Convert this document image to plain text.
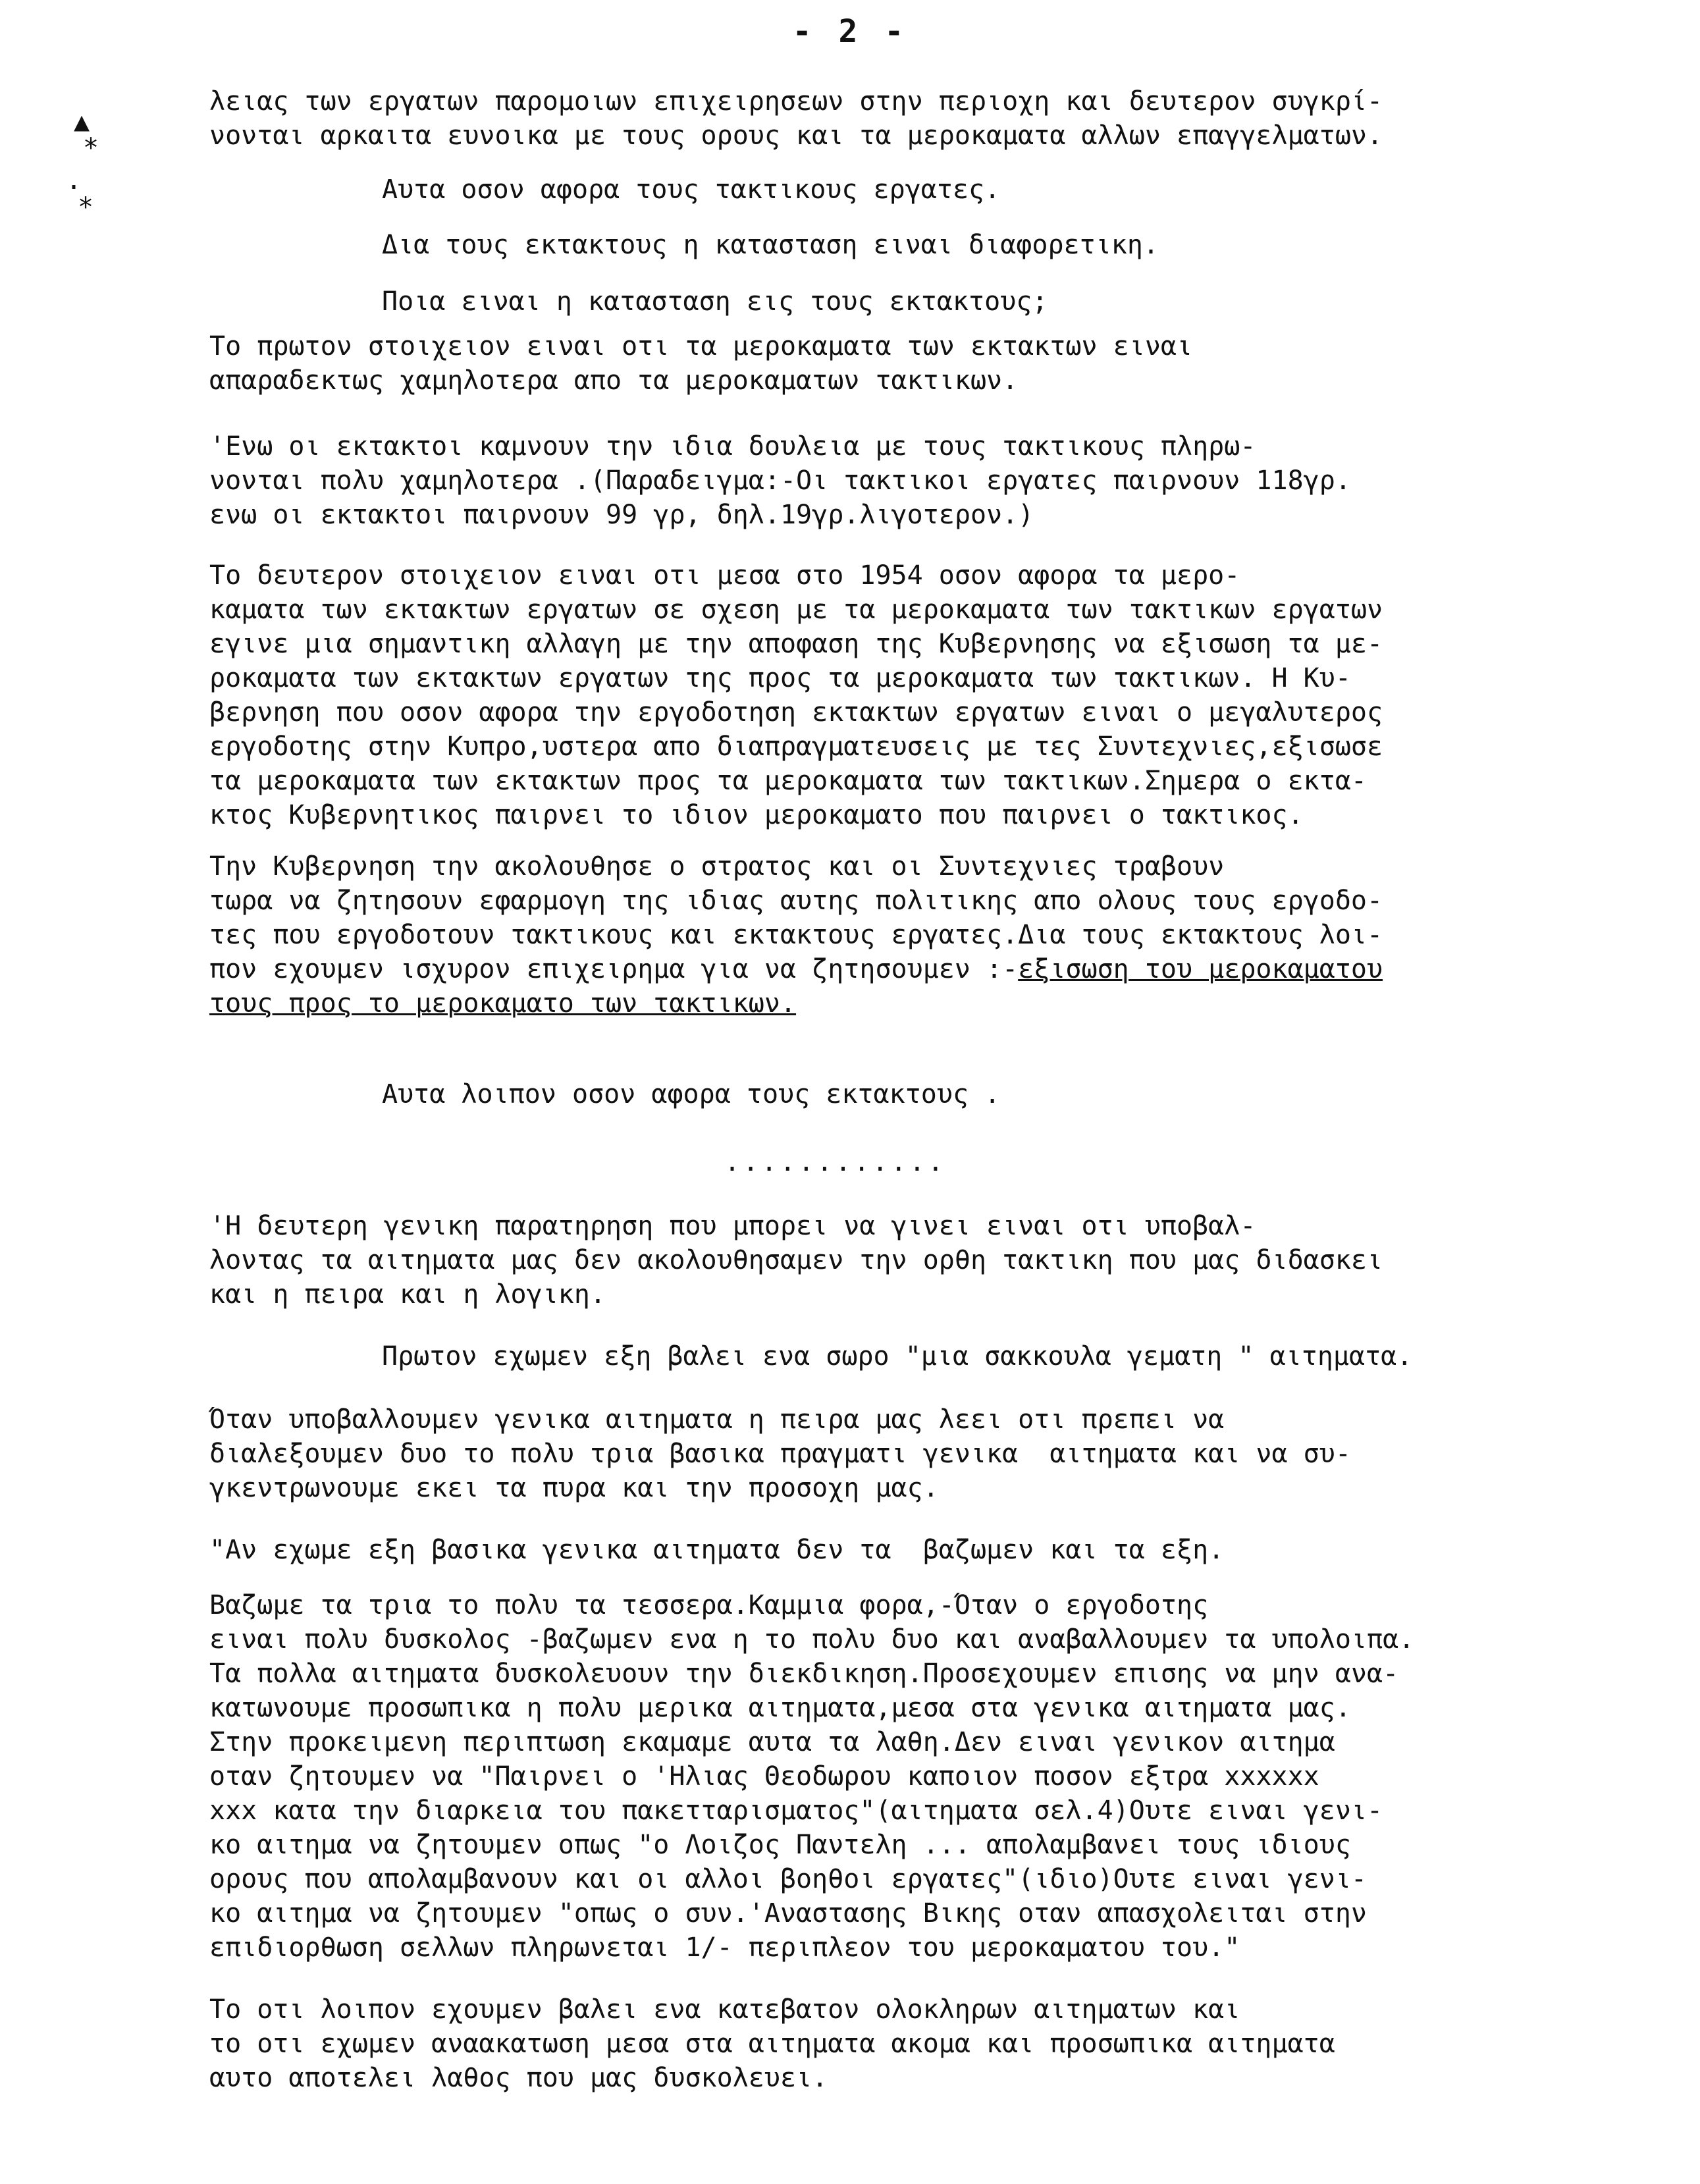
- 2 -
▲
*
·
*

λειας των εργατων παρομοιων επιχειρησεων στην περιοχη και δευτερον συγκρί-
νονται αρκαιτα ευνοικα με τους ορους και τα μεροκαματα αλλων επαγγελματων.

Αυτα οσον αφορα τους τακτικους εργατες.

Δια τους εκτακτους η κατασταση ειναι διαφορετικη.

Ποια ειναι η κατασταση εις τους εκτακτους;

Το πρωτον στοιχειον ειναι οτι τα μεροκαματα των εκτακτων ειναι
απαραδεκτως χαμηλοτερα απο τα μεροκαματων τακτικων.

'Ενω οι εκτακτοι καμνουν την ιδια δουλεια με τους τακτικους πληρω-
νονται πολυ χαμηλοτερα .(Παραδειγμα:-Οι τακτικοι εργατες παιρνουν 118γρ.
ενω οι εκτακτοι παιρνουν 99 γρ, δηλ.19γρ.λιγοτερον.)

Το δευτερον στοιχειον ειναι οτι μεσα στο 1954 οσον αφορα τα μερο-
καματα των εκτακτων εργατων σε σχεση με τα μεροκαματα των τακτικων εργατων
εγινε μια σημαντικη αλλαγη με την αποφαση της Κυβερνησης να εξισωση τα με-
ροκαματα των εκτακτων εργατων της προς τα μεροκαματα των τακτικων. Η Κυ-
βερνηση που οσον αφορα την εργοδοτηση εκτακτων εργατων ειναι ο μεγαλυτερος
εργοδοτης στην Κυπρο,υστερα απο διαπραγματευσεις με τες Συντεχνιες,εξισωσε
τα μεροκαματα των εκτακτων προς τα μεροκαματα των τακτικων.Σημερα ο εκτα-
κτος Κυβερνητικος παιρνει το ιδιον μεροκαματο που παιρνει ο τακτικος.

Την Κυβερνηση την ακολουθησε ο στρατος και οι Συντεχνιες τραβουν
τωρα να ζητησουν εφαρμογη της ιδιας αυτης πολιτικης απο ολους τους εργοδο-
τες που εργοδοτουν τακτικους και εκτακτους εργατες.Δια τους εκτακτους λοι-
πον εχουμεν ισχυρον επιχειρημα για να ζητησουμεν :-εξισωση του μεροκαματου
τους προς το μεροκαματο των τακτικων.

Αυτα λοιπον οσον αφορα τους εκτακτους .

............

'Η δευτερη γενικη παρατηρηση που μπορει να γινει ειναι οτι υποβαλ-
λοντας τα αιτηματα μας δεν ακολουθησαμεν την ορθη τακτικη που μας διδασκει
και η πειρα και η λογικη.

Πρωτον εχωμεν εξη βαλει ενα σωρο "μια σακκουλα γεματη " αιτηματα.

Όταν υποβαλλουμεν γενικα αιτηματα η πειρα μας λεει οτι πρεπει να
διαλεξουμεν δυο το πολυ τρια βασικα πραγματι γενικα  αιτηματα και να συ-
γκεντρωνουμε εκει τα πυρα και την προσοχη μας.

"Αν εχωμε εξη βασικα γενικα αιτηματα δεν τα  βαζωμεν και τα εξη.

Βαζωμε τα τρια το πολυ τα τεσσερα.Καμμια φορα,-Όταν ο εργοδοτης
ειναι πολυ δυσκολος -βαζωμεν ενα η το πολυ δυο και αναβαλλουμεν τα υπολοιπα.
Τα πολλα αιτηματα δυσκολευουν την διεκδικηση.Προσεχουμεν επισης να μην ανα-
κατωνουμε προσωπικα η πολυ μερικα αιτηματα,μεσα στα γενικα αιτηματα μας.
Στην προκειμενη περιπτωση εκαμαμε αυτα τα λαθη.Δεν ειναι γενικον αιτημα
οταν ζητουμεν να "Παιρνει ο 'Ηλιας Θεοδωρου καποιον ποσον εξτρα xxxxxx
xxx κατα την διαρκεια του πακετταρισματος"(αιτηματα σελ.4)Ουτε ειναι γενι-
κο αιτημα να ζητουμεν οπως "ο Λοιζος Παντελη ... απολαμβανει τους ιδιους
ορους που απολαμβανουν και οι αλλοι βοηθοι εργατες"(ιδιο)Ουτε ειναι γενι-
κο αιτημα να ζητουμεν "οπως ο συν.'Αναστασης Βικης οταν απασχολειται στην
επιδιορθωση σελλων πληρωνεται 1/- περιπλεον του μεροκαματου του."

Το οτι λοιπον εχουμεν βαλει ενα κατεβατον ολοκληρων αιτηματων και
το οτι εχωμεν αναακατωση μεσα στα αιτηματα ακομα και προσωπικα αιτηματα
αυτο αποτελει λαθος που μας δυσκολευει.
